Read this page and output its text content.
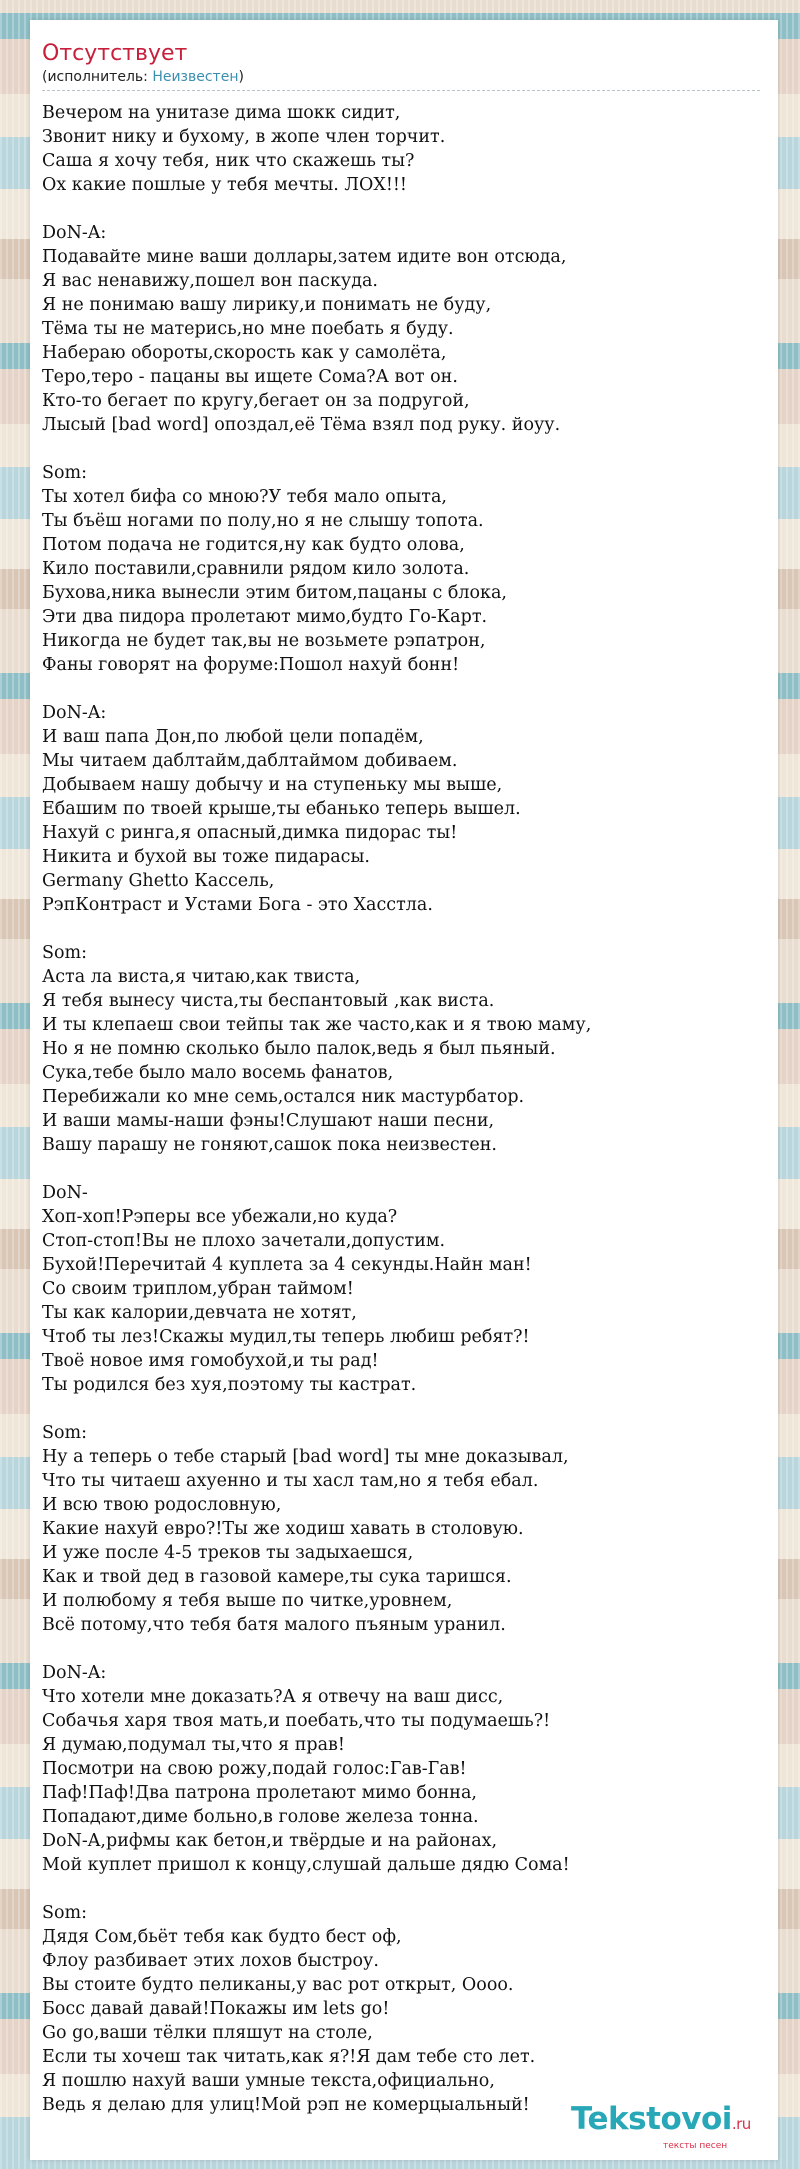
Отсутствует
(исполнитель: Неизвестен)
Вечером на унитазе дима шокк сидит,
Звонит нику и бухому, в жопе член торчит.
Саша я хочу тебя, ник что скажешь ты?
Ох какие пошлые у тебя мечты. ЛОХ!!!
DoN-A:
Подавайте мине ваши доллары,затем идите вон отсюда,
Я вас ненавижу,пошел вон паскуда.
Я не понимаю вашу лирику,и понимать не буду,
Тёма ты не матерись,но мне поебать я буду.
Набераю обороты,скорость как у самолёта,
Теро,теро - пацаны вы ищете Сома?А вот он.
Кто-то бегает по кругу,бегает он за подругой,
Лысый [bad word] опоздал,её Тёма взял под руку. йоуу.
Som:
Ты хотел бифа со мною?У тебя мало опыта,
Ты бъёш ногами по полу,но я не слышу топота.
Потом подача не годится,ну как будто олова,
Кило поставили,сравнили рядом кило золота.
Бухова,ника вынесли этим битом,пацаны с блока,
Эти два пидора пролетают мимо,будто Го-Карт.
Никогда не будет так,вы не возьмете рэпатрон,
Фаны говорят на форуме:Пошол нахуй бонн!
DoN-A:
И ваш папа Дон,по любой цели попадём,
Мы читаем даблтайм,даблтаймом добиваем.
Добываем нашу добычу и на ступеньку мы выше,
Ебашим по твоей крыше,ты ебанько теперь вышел.
Нахуй с ринга,я опасный,димка пидорас ты!
Никита и бухой вы тоже пидарасы.
Germany Ghetto Кассель,
РэпКонтраст и Устами Бога - это Хасстла.
Som:
Аста ла виста,я читаю,как твиста,
Я тебя вынесу чиста,ты беспантовый ,как виста.
И ты клепаеш свои тейпы так же часто,как и я твою маму,
Но я не помню сколько было палок,ведь я был пьяный.
Сука,тебе было мало восемь фанатов,
Перебижали ко мне семь,остался ник мастурбатор.
И ваши мамы-наши фэны!Слушают наши песни,
Вашу парашу не гоняют,сашок пока неизвестен.
DoN-
Хоп-хоп!Рэперы все убежали,но куда?
Стоп-стоп!Вы не плохо зачетали,допустим.
Бухой!Перечитай 4 куплета за 4 секунды.Найн ман!
Со своим триплом,убран таймом!
Ты как калории,девчата не хотят,
Чтоб ты лез!Скажы мудил,ты теперь любиш ребят?!
Твоё новое имя гомобухой,и ты рад!
Ты родился без хуя,поэтому ты кастрат.
Som:
Ну а теперь о тебе старый [bad word] ты мне доказывал,
Что ты читаеш ахуенно и ты хасл там,но я тебя ебал.
И всю твою родословную,
Какие нахуй евро?!Ты же ходиш хавать в столовую.
И уже после 4-5 треков ты задыхаешся,
Как и твой дед в газовой камере,ты сука таришся.
И полюбому я тебя выше по читке,уровнем,
Всё потому,что тебя батя малого пъяным уранил.
DoN-A:
Что хотели мне доказать?А я отвечу на ваш дисс,
Собачья харя твоя мать,и поебать,что ты подумаешь?!
Я думаю,подумал ты,что я прав!
Посмотри на свою рожу,подай голос:Гав-Гав!
Паф!Паф!Два патрона пролетают мимо бонна,
Попадают,диме больно,в голове железа тонна.
DoN-A,рифмы как бетон,и твёрдые и на районах,
Мой куплет пришол к концу,слушай дальше дядю Сома!
Som:
Дядя Сом,бьёт тебя как будто бест оф,
Флоу разбивает этих лохов быстроу.
Вы стоите будто пеликаны,у вас рот открыт, Оооо.
Босс давай давай!Покажы им lets go!
Go go,ваши тёлки пляшут на столе,
Если ты хочеш так читать,как я?!Я дам тебе сто лет.
Я пошлю нахуй ваши умные текста,официально,
Ведь я делаю для улиц!Мой рэп не комерцыальный!	Tekstovoi.ru
тексты песен
